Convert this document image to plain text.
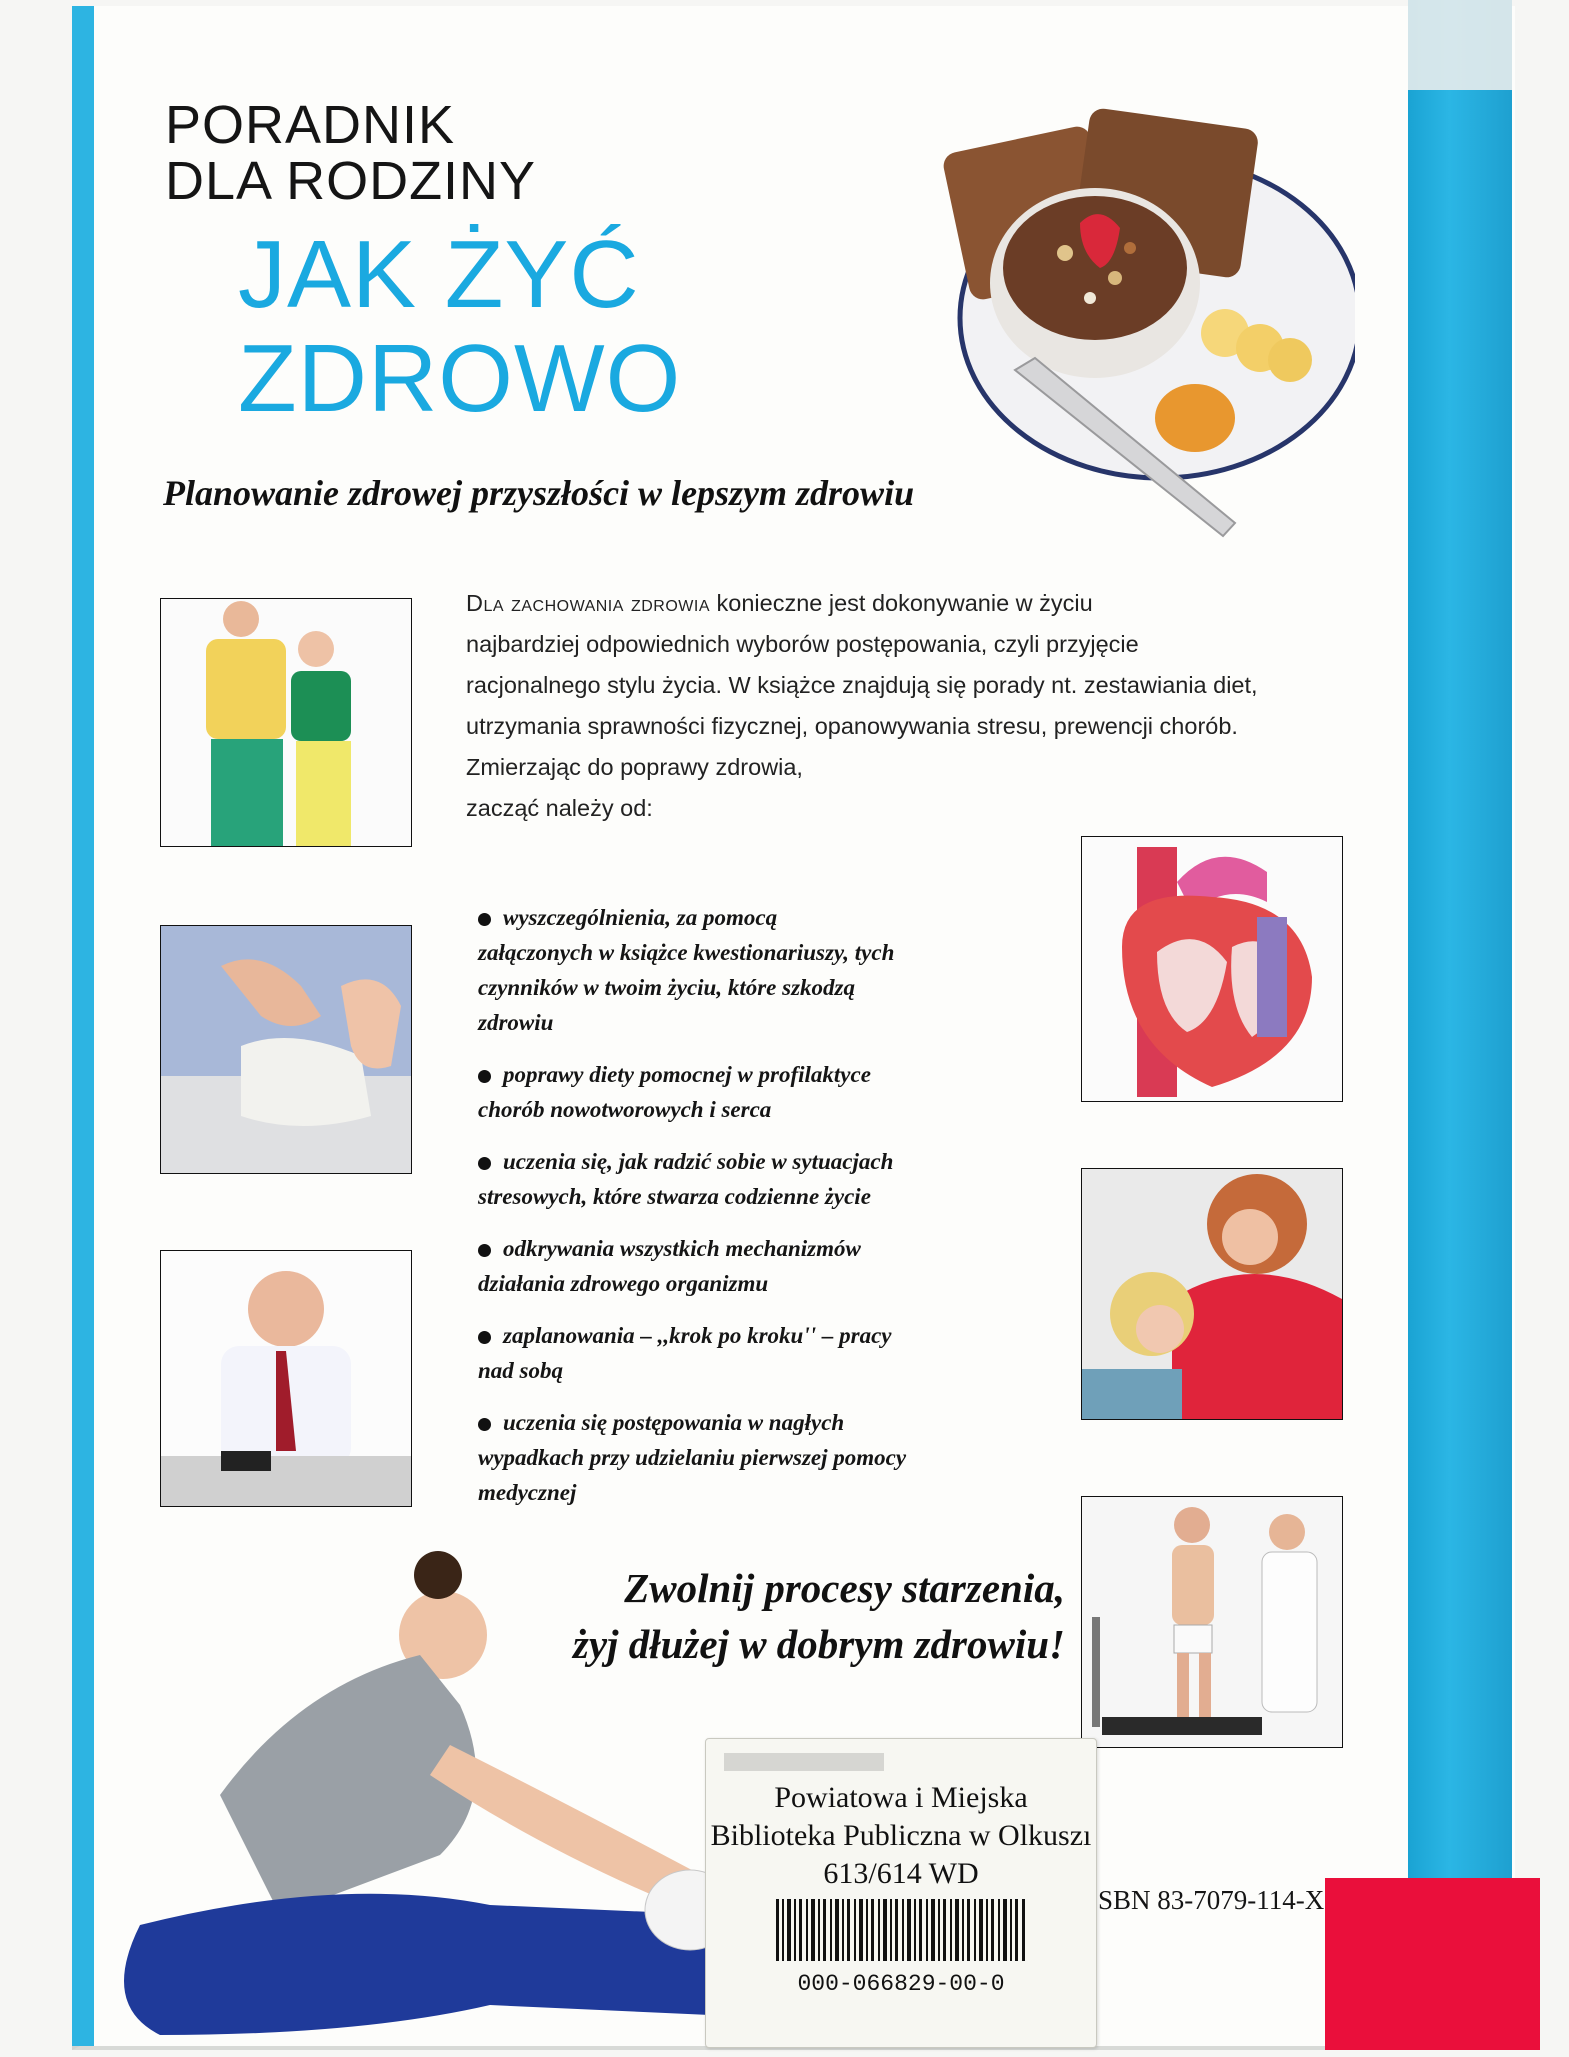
PORADNIK
DLA RODZINY
JAK ŻYĆ
ZDROWO
Planowanie zdrowej przyszłości w lepszym zdrowiu
Dla zachowania zdrowia konieczne jest dokonywanie w życiu
najbardziej odpowiednich wyborów postępowania, czyli przyjęcie
racjonalnego stylu życia. W książce znajdują się porady nt. zestawiania diet,
utrzymania sprawności fizycznej, opanowywania stresu, prewencji chorób.
Zmierzając do poprawy zdrowia,
zacząć należy od:
wyszczególnienia, za pomocą
załączonych w książce kwestionariuszy, tych
czynników w twoim życiu, które szkodzą
zdrowiu
poprawy diety pomocnej w profilaktyce
chorób nowotworowych i serca
uczenia się, jak radzić sobie w sytuacjach
stresowych, które stwarza codzienne życie
odkrywania wszystkich mechanizmów
działania zdrowego organizmu
zaplanowania – ,,krok po kroku'' – pracy
nad sobą
uczenia się postępowania w nagłych
wypadkach przy udzielaniu pierwszej pomocy
medycznej
Zwolnij procesy starzenia,
żyj dłużej w dobrym zdrowiu!
Powiatowa i Miejska
Biblioteka Publiczna w Olkuszı
613/614 WD
000-066829-00-0
SBN 83-7079-114-X
